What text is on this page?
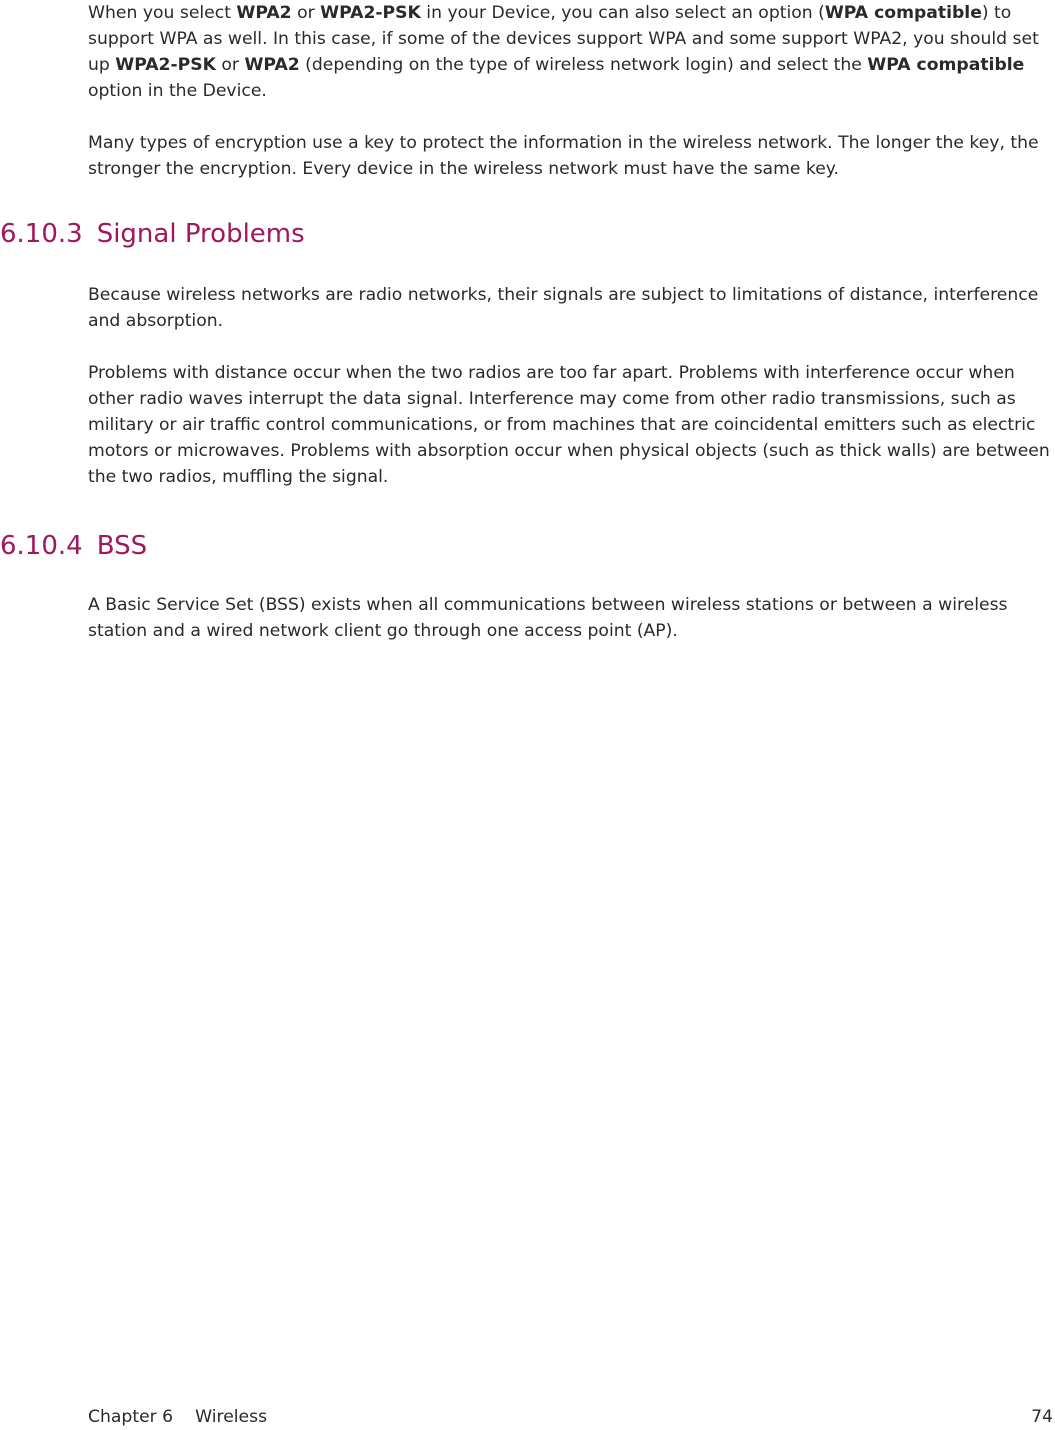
When you select WPA2 or WPA2-PSK in your Device, you can also select an option (WPA compatible) to support WPA as well. In this case, if some of the devices support WPA and some support WPA2, you should set up WPA2-PSK or WPA2 (depending on the type of wireless network login) and select the WPA compatible option in the Device.

Many types of encryption use a key to protect the information in the wireless network. The longer the key, the stronger the encryption. Every device in the wireless network must have the same key.

6.10.3 Signal Problems

Because wireless networks are radio networks, their signals are subject to limitations of distance, interference and absorption.

Problems with distance occur when the two radios are too far apart. Problems with interference occur when other radio waves interrupt the data signal. Interference may come from other radio transmissions, such as military or air traffic control communications, or from machines that are coincidental emitters such as electric motors or microwaves. Problems with absorption occur when physical objects (such as thick walls) are between the two radios, muffling the signal.

6.10.4 BSS

A Basic Service Set (BSS) exists when all communications between wireless stations or between a wireless station and a wired network client go through one access point (AP).

Chapter 6 Wireless	74
